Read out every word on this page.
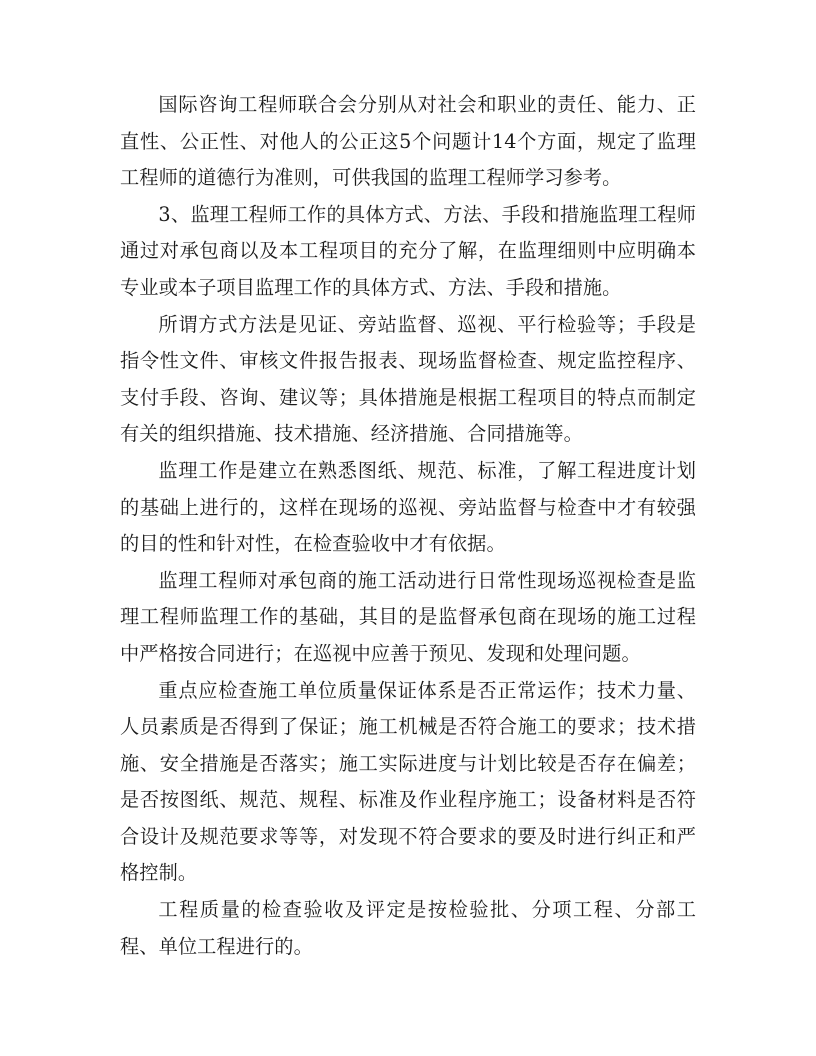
国际咨询工程师联合会分别从对社会和职业的责任、能力、正直性、公正性、对他人的公正这5个问题计14个方面，规定了监理工程师的道德行为准则，可供我国的监理工程师学习参考。

3、监理工程师工作的具体方式、方法、手段和措施监理工程师通过对承包商以及本工程项目的充分了解，在监理细则中应明确本专业或本子项目监理工作的具体方式、方法、手段和措施。

所谓方式方法是见证、旁站监督、巡视、平行检验等；手段是指令性文件、审核文件报告报表、现场监督检查、规定监控程序、支付手段、咨询、建议等；具体措施是根据工程项目的特点而制定有关的组织措施、技术措施、经济措施、合同措施等。

监理工作是建立在熟悉图纸、规范、标准，了解工程进度计划的基础上进行的，这样在现场的巡视、旁站监督与检查中才有较强的目的性和针对性，在检查验收中才有依据。

监理工程师对承包商的施工活动进行日常性现场巡视检查是监理工程师监理工作的基础，其目的是监督承包商在现场的施工过程中严格按合同进行；在巡视中应善于预见、发现和处理问题。

重点应检查施工单位质量保证体系是否正常运作；技术力量、人员素质是否得到了保证；施工机械是否符合施工的要求；技术措施、安全措施是否落实；施工实际进度与计划比较是否存在偏差；是否按图纸、规范、规程、标准及作业程序施工；设备材料是否符合设计及规范要求等等，对发现不符合要求的要及时进行纠正和严格控制。

工程质量的检查验收及评定是按检验批、分项工程、分部工程、单位工程进行的。
